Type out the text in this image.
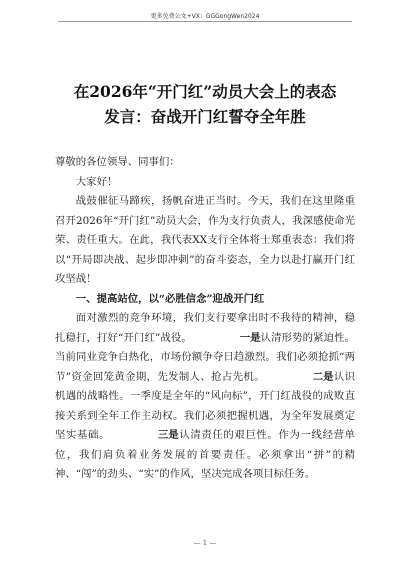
更多免费公文+VX：GGGongWen2024
在2026年“开门红”动员大会上的表态
发言：奋战开门红誓夺全年胜

尊敬的各位领导、同事们：

大家好！

战鼓催征马蹄疾，扬帆奋进正当时。今天，我们在这里隆重召开2026年“开门红”动员大会，作为支行负责人，我深感使命光荣、责任重大。在此，我代表XX支行全体将士郑重表态：我们将以“开局即决战、起步即冲刺”的奋斗姿态，全力以赴打赢开门红攻坚战！

一、提高站位，以“必胜信念”迎战开门红

面对激烈的竞争环境，我们支行要拿出时不我待的精神，稳扎稳打，打好“开门红”战役。	一是认清形势的紧迫性。当前同业竞争白热化，市场份额争夺日趋激烈。我们必须抢抓“两节”资金回笼黄金期，先发制人、抢占先机。	二是认识机遇的战略性。一季度是全年的“风向标”，开门红战役的成败直接关系到全年工作主动权。我们必须把握机遇，为全年发展奠定坚实基础。	三是认清责任的艰巨性。作为一线经营单位，我们肩负着业务发展的首要责任。必须拿出“拼”的精神、“闯”的劲头、“实”的作风，坚决完成各项目标任务。

— 1 —
